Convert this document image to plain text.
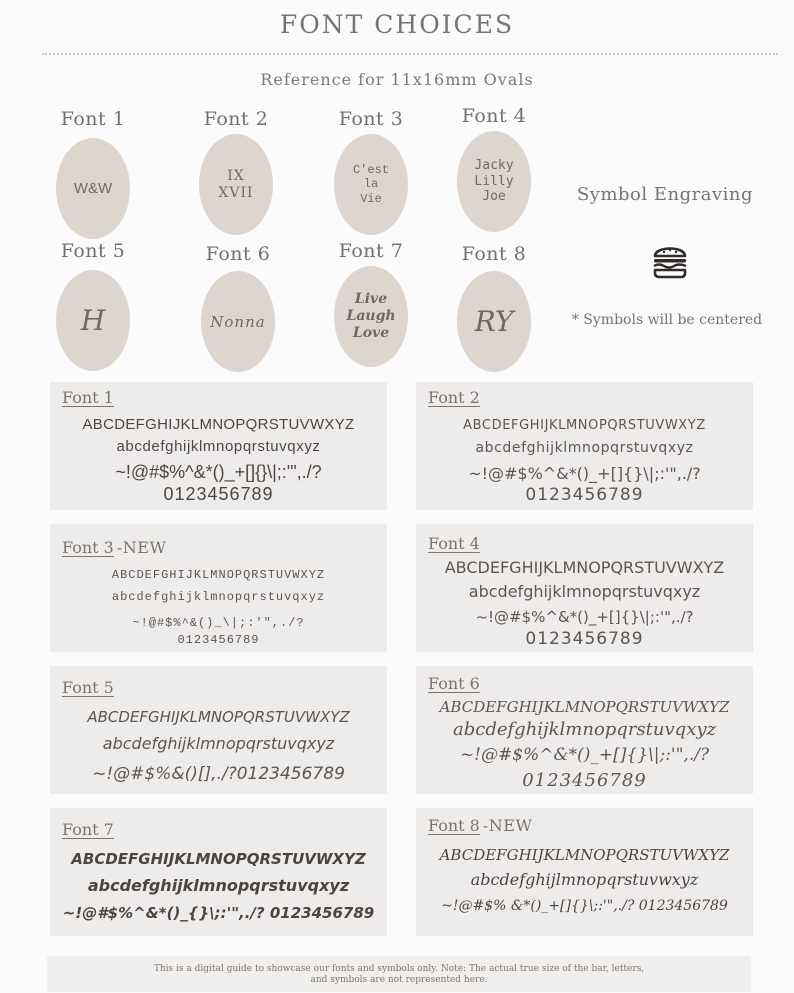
FONT CHOICES
Reference for 11x16mm Ovals
Font 1
W&W
Font 2
IX
XVII
Font 3
C'est
la
Vie
Font 4
Jacky
Lilly
Joe
Font 5
H
Font 6
Nonna
Font 7
Live
Laugh
Love
Font 8
RY
Symbol Engraving
* Symbols will be centered
Font 1
ABCDEFGHIJKLMNOPQRSTUVWXYZ
abcdefghijklmnopqrstuvqxyz
~!@#$%^&*()_+[]{}\|;:'",./?
0123456789
Font 2
ABCDEFGHIJKLMNOPQRSTUVWXYZ
abcdefghijklmnopqrstuvqxyz
~!@#$%^&*()_+[]{}\|;:'",./?
0123456789
Font 3 -NEW
ABCDEFGHIJKLMNOPQRSTUVWXYZ
abcdefghijklmnopqrstuvqxyz
~!@#$%^&()_\|;:'",./?
0123456789
Font 4
ABCDEFGHIJKLMNOPQRSTUVWXYZ
abcdefghijklmnopqrstuvqxyz
~!@#$%^&*()_+[]{}\|;:'",./?
0123456789
Font 5
ABCDEFGHIJKLMNOPQRSTUVWXYZ
abcdefghijklmnopqrstuvqxyz
~!@#$%&()[],./?0123456789
Font 6
ABCDEFGHIJKLMNOPQRSTUVWXYZ
abcdefghijklmnopqrstuvqxyz
~!@#$%^&*()_+[]{}\|;:'",./?
0123456789
Font 7
ABCDEFGHIJKLMNOPQRSTUVWXYZ
abcdefghijklmnopqrstuvqxyz
~!@#$%^&*()_{}\;:'",./? 0123456789
Font 8 -NEW
ABCDEFGHIJKLMNOPQRSTUVWXYZ
abcdefghijlmnopqrstuvwxyz
~!@#$% &*()_+[]{}\;:'",./? 0123456789
This is a digital guide to showcase our fonts and symbols only. Note: The actual true size of the bar, letters,
and symbols are not represented here.
